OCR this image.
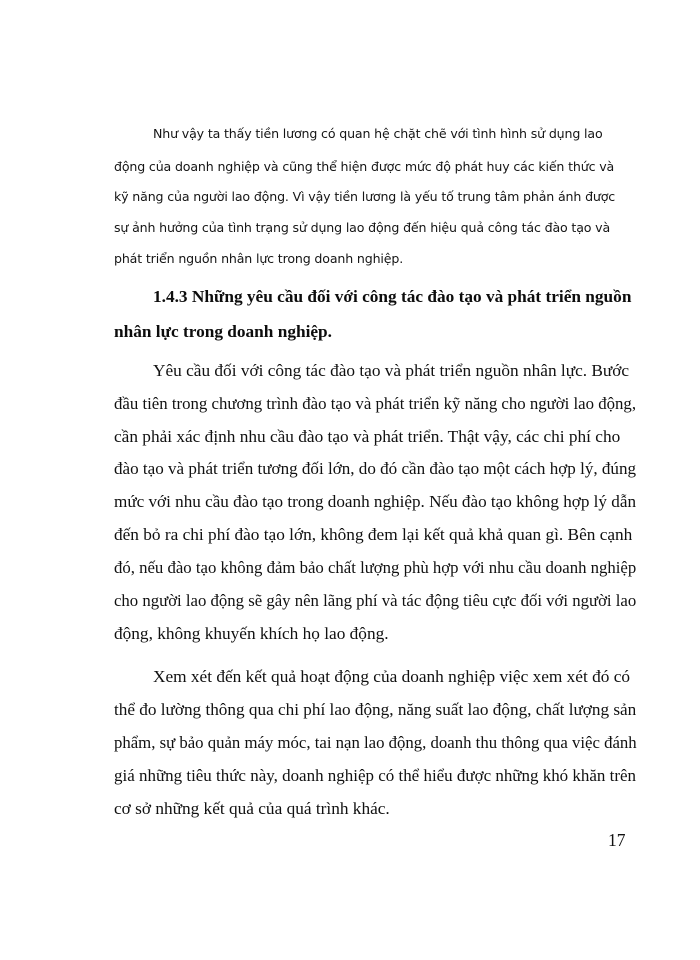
Như vậy ta thấy tiền lương có quan hệ chặt chẽ với tình hình sử dụng lao

động của doanh nghiệp và cũng thể hiện được mức độ phát huy các kiến thức và

kỹ năng của người lao động. Vì vậy tiền lương là yếu tố trung tâm phản ánh được

sự ảnh hưởng của tình trạng sử dụng lao động đến hiệu quả công tác đào tạo và

phát triển nguồn nhân lực trong doanh nghiệp.

1.4.3 Những yêu cầu đối với công tác đào tạo và phát triển nguồn

nhân lực trong doanh nghiệp.

Yêu cầu đối với công tác đào tạo và phát triển nguồn nhân lực. Bước

đầu tiên trong chương trình đào tạo và phát triển kỹ năng cho người lao động,

cần phải xác định nhu cầu đào tạo và phát triển. Thật vậy, các chi phí cho

đào tạo và phát triển tương đối lớn, do đó cần đào tạo một cách hợp lý, đúng

mức với nhu cầu đào tạo trong doanh nghiệp. Nếu đào tạo không hợp lý dẫn

đến bỏ ra chi phí đào tạo lớn, không đem lại kết quả khả quan gì. Bên cạnh

đó, nếu đào tạo không đảm bảo chất lượng phù hợp với nhu cầu doanh nghiệp

cho người lao động sẽ gây nên lãng phí và tác động tiêu cực đối với người lao

động, không khuyến khích họ lao động.

Xem xét đến kết quả hoạt động của doanh nghiệp việc xem xét đó có

thể đo lường thông qua chi phí lao động, năng suất lao động, chất lượng sản

phẩm, sự bảo quản máy móc, tai nạn lao động, doanh thu thông qua việc đánh

giá những tiêu thức này, doanh nghiệp có thể hiểu được những khó khăn trên

cơ sở những kết quả của quá trình khác.

17
